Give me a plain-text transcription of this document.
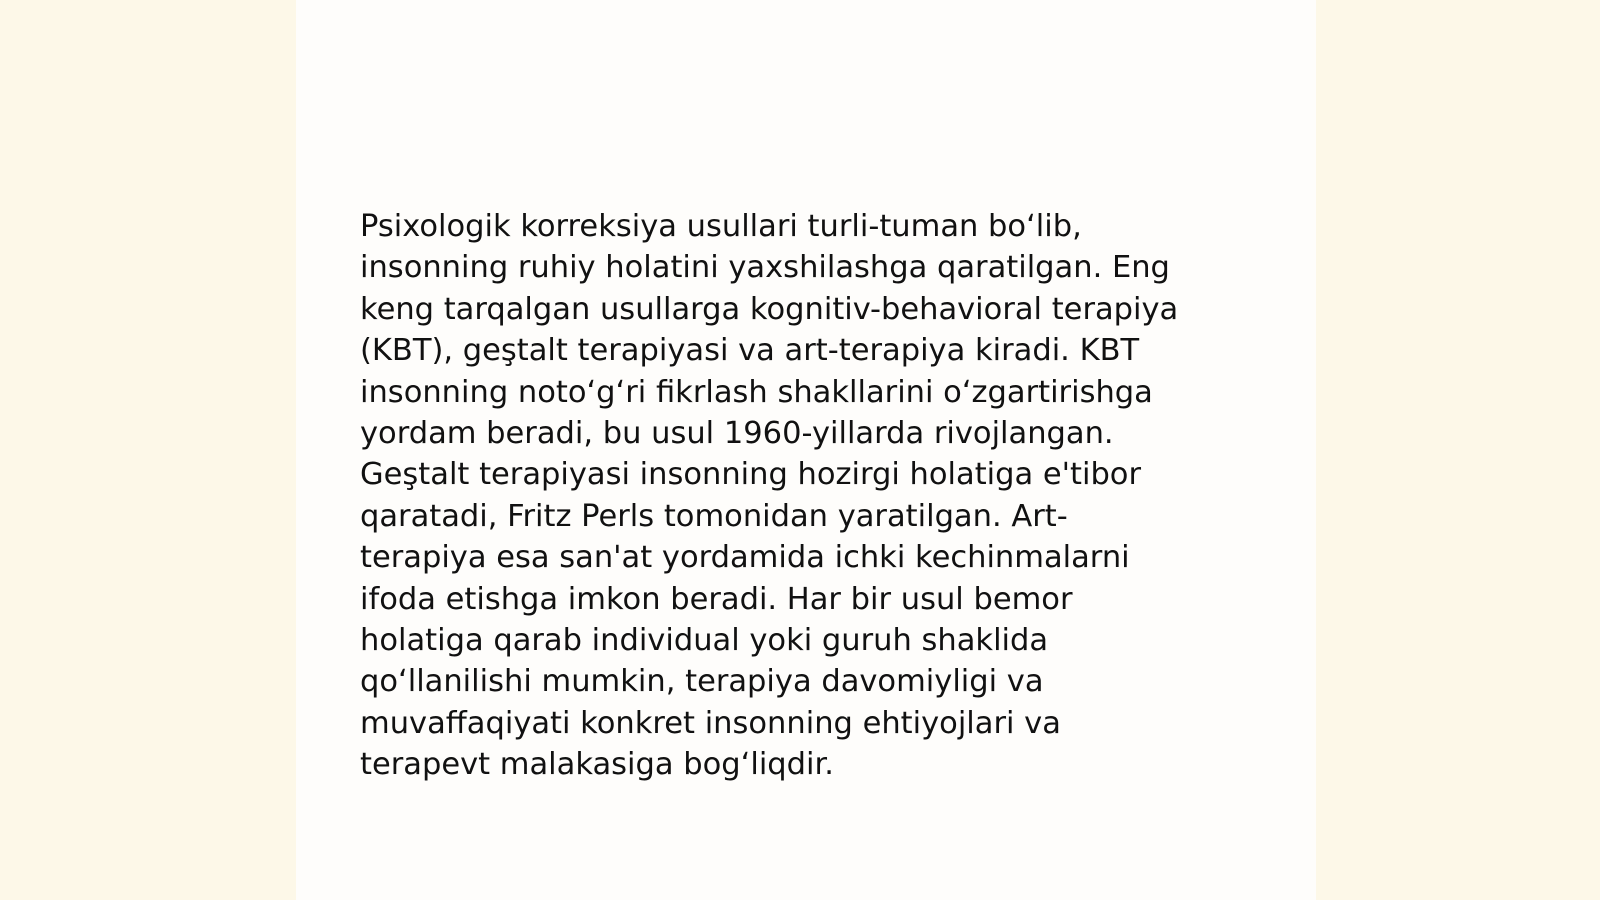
Psixologik korreksiya usullari turli-tuman boʻlib,
insonning ruhiy holatini yaxshilashga qaratilgan. Eng
keng tarqalgan usullarga kognitiv-behavioral terapiya
(KBT), geştalt terapiyasi va art-terapiya kiradi. KBT
insonning notoʻgʻri fikrlash shakllarini oʻzgartirishga
yordam beradi, bu usul 1960-yillarda rivojlangan.
Geştalt terapiyasi insonning hozirgi holatiga e'tibor
qaratadi, Fritz Perls tomonidan yaratilgan. Art-
terapiya esa san'at yordamida ichki kechinmalarni
ifoda etishga imkon beradi. Har bir usul bemor
holatiga qarab individual yoki guruh shaklida
qoʻllanilishi mumkin, terapiya davomiyligi va
muvaffaqiyati konkret insonning ehtiyojlari va
terapevt malakasiga bogʻliqdir.
